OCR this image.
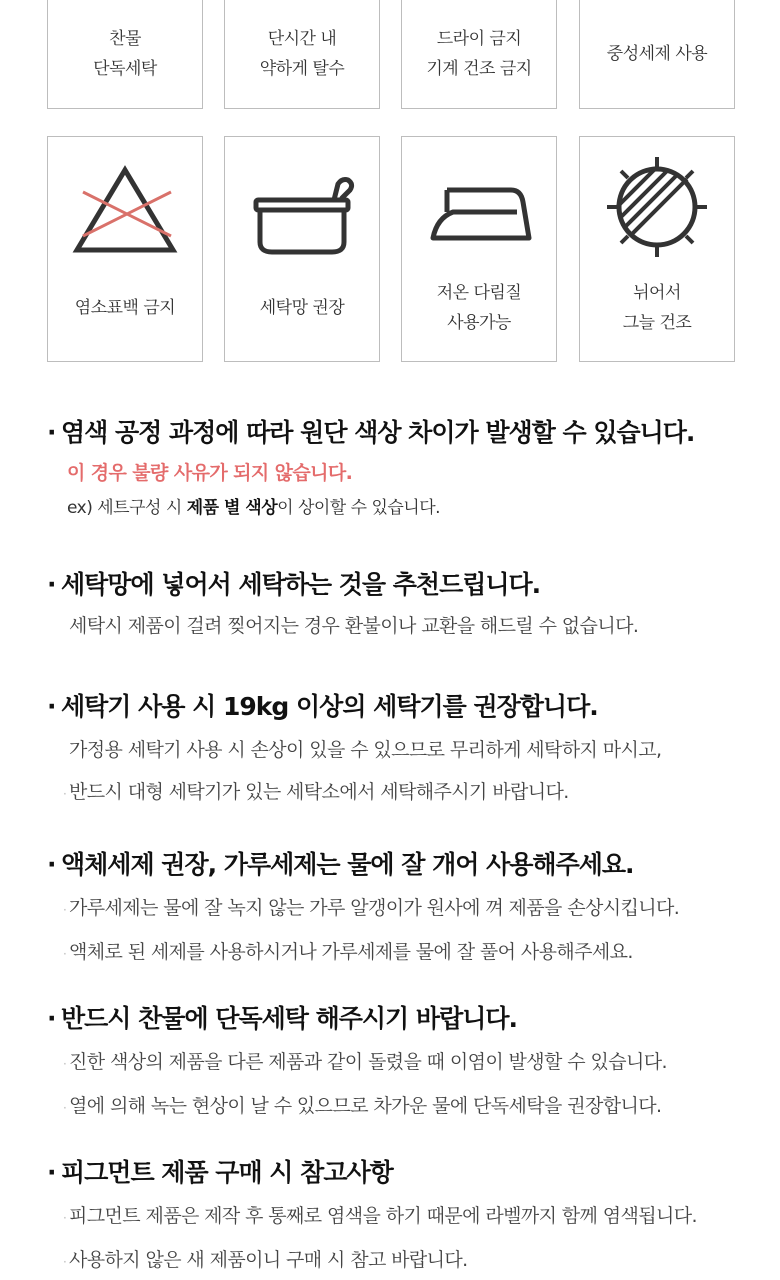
찬물
단독세탁
단시간 내
약하게 탈수
드라이 금지
기계 건조 금지
중성세제 사용
염소표백 금지	세탁망 권장
저온 다림질
사용가능
뉘어서
그늘 건조
· 염색 공정 과정에 따라 원단 색상 차이가 발생할 수 있습니다.
이 경우 불량 사유가 되지 않습니다.
ex) 세트구성 시 제품 별 색상이 상이할 수 있습니다.
· 세탁망에 넣어서 세탁하는 것을 추천드립니다.
세탁시 제품이 걸려 찢어지는 경우 환불이나 교환을 해드릴 수 없습니다.
· 세탁기 사용 시 19kg 이상의 세탁기를 권장합니다.
가정용 세탁기 사용 시 손상이 있을 수 있으므로 무리하게 세탁하지 마시고,
· 반드시 대형 세탁기가 있는 세탁소에서 세탁해주시기 바랍니다.
· 액체세제 권장, 가루세제는 물에 잘 개어 사용해주세요.
· 가루세제는 물에 잘 녹지 않는 가루 알갱이가 원사에 껴 제품을 손상시킵니다.
· 액체로 된 세제를 사용하시거나 가루세제를 물에 잘 풀어 사용해주세요.
· 반드시 찬물에 단독세탁 해주시기 바랍니다.
· 진한 색상의 제품을 다른 제품과 같이 돌렸을 때 이염이 발생할 수 있습니다.
· 열에 의해 녹는 현상이 날 수 있으므로 차가운 물에 단독세탁을 권장합니다.
· 피그먼트 제품 구매 시 참고사항
· 피그먼트 제품은 제작 후 통째로 염색을 하기 때문에 라벨까지 함께 염색됩니다.
· 사용하지 않은 새 제품이니 구매 시 참고 바랍니다.
